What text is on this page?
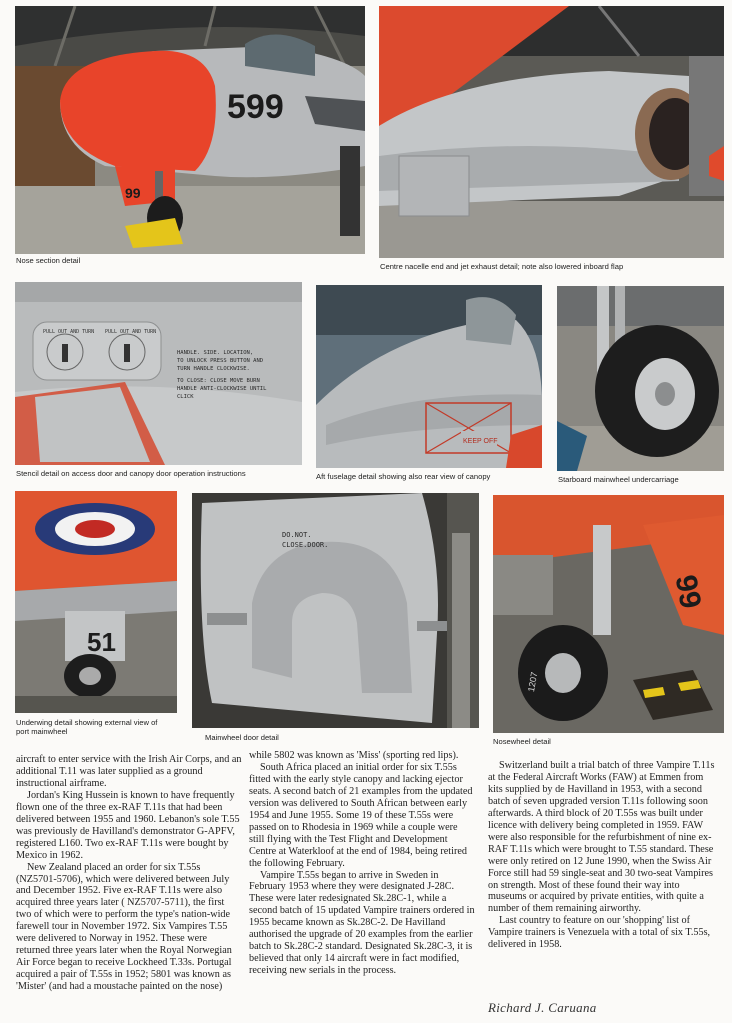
599
99
Nose section detail
Centre nacelle end and jet exhaust detail; note also lowered inboard flap
PULL OUT AND TURN PULL OUT AND TURN
HANDLE. SIDE. LOCATION,
TO UNLOCK PRESS BUTTON AND
TURN HANDLE CLOCKWISE.
TO CLOSE: CLOSE MOVE BURN
HANDLE ANTI-CLOCKWISE UNTIL
CLICK
Stencil detail on access door and canopy door operation instructions
KEEP OFF
Aft fuselage detail showing also rear view of canopy	Starboard mainwheel undercarriage
51
Underwing detail showing external view of
port mainwheel
DO.NOT.
CLOSE.DOOR.
Mainwheel door detail
99
1207
Nosewheel detail

aircraft to enter service with the Irish Air Corps, and an additional T.11 was later supplied as a ground instructional airframe.

Jordan's King Hussein is known to have frequently flown one of the three ex-RAF T.11s that had been delivered between 1955 and 1960. Lebanon's sole T.55 was previously de Havilland's demonstrator G-APFV, registered L160. Two ex-RAF T.11s were bought by Mexico in 1962.

New Zealand placed an order for six T.55s (NZ5701-5706), which were delivered between July and December 1952. Five ex-RAF T.11s were also acquired three years later ( NZ5707-5711), the first two of which were to perform the type's nation-wide farewell tour in November 1972. Six Vampires T.55 were delivered to Norway in 1952. These were returned three years later when the Royal Norwegian Air Force began to receive Lockheed T.33s. Portugal acquired a pair of T.55s in 1952; 5801 was known as 'Mister' (and had a moustache painted on the nose)

while 5802 was known as 'Miss' (sporting red lips).

South Africa placed an initial order for six T.55s fitted with the early style canopy and lacking ejector seats. A second batch of 21 examples from the updated version was delivered to South African between early 1954 and June 1955. Some 19 of these T.55s were passed on to Rhodesia in 1969 while a couple were still flying with the Test Flight and Development Centre at Waterkloof at the end of 1984, being retired the following February.

Vampire T.55s began to arrive in Sweden in February 1953 where they were designated J-28C. These were later redesignated Sk.28C-1, while a second batch of 15 updated Vampire trainers ordered in 1955 became known as Sk.28C-2. De Havilland authorised the upgrade of 20 examples from the earlier batch to Sk.28C-2 standard. Designated Sk.28C-3, it is believed that only 14 aircraft were in fact modified, receiving new serials in the process.

Switzerland built a trial batch of three Vampire T.11s at the Federal Aircraft Works (FAW) at Emmen from kits supplied by de Havilland in 1953, with a second batch of seven upgraded version T.11s following soon afterwards. A third block of 20 T.55s was built under licence with delivery being completed in 1959. FAW were also responsible for the refurbishment of nine ex-RAF T.11s which were brought to T.55 standard. These were only retired on 12 June 1990, when the Swiss Air Force still had 59 single-seat and 30 two-seat Vampires on strength. Most of these found their way into museums or acquired by private entities, with quite a number of them remaining airworthy.

Last country to feature on our 'shopping' list of Vampire trainers is Venezuela with a total of six T.55s, delivered in 1958.

Richard J. Caruana
